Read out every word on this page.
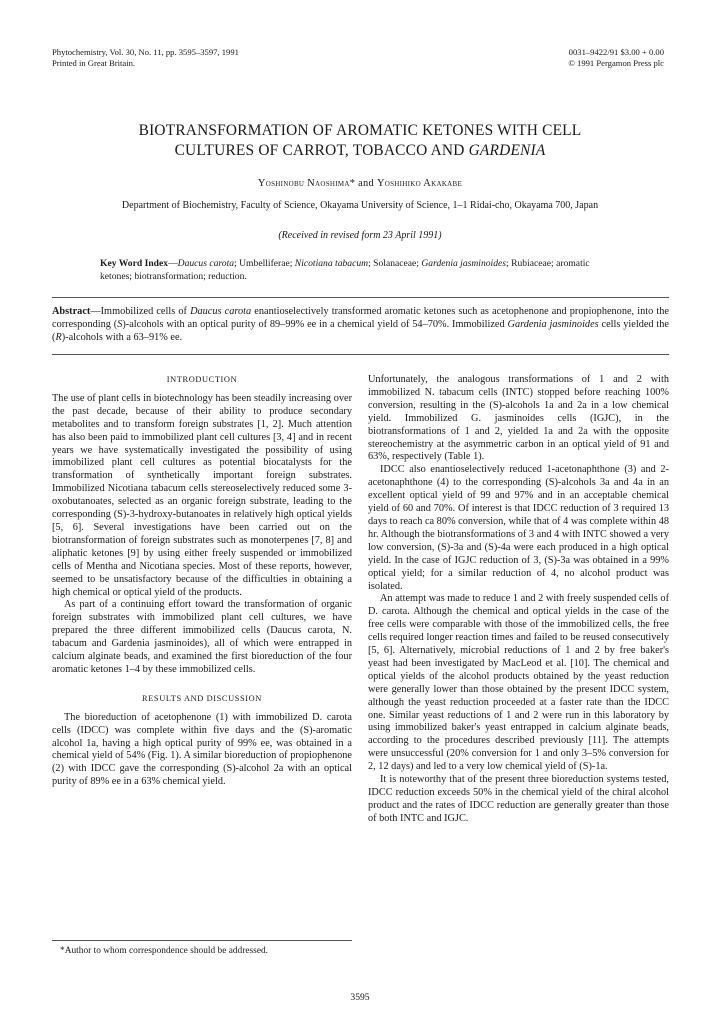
Phytochemistry, Vol. 30, No. 11, pp. 3595–3597, 1991
Printed in Great Britain.
0031–9422/91 $3.00 + 0.00
© 1991 Pergamon Press plc
BIOTRANSFORMATION OF AROMATIC KETONES WITH CELL
CULTURES OF CARROT, TOBACCO AND GARDENIA
Yoshinobu Naoshima* and Yoshihiko Akakabe
Department of Biochemistry, Faculty of Science, Okayama University of Science, 1–1 Ridai-cho, Okayama 700, Japan
(Received in revised form 23 April 1991)
Key Word Index—Daucus carota; Umbelliferae; Nicotiana tabacum; Solanaceae; Gardenia jasminoides; Rubiaceae; aromatic ketones; biotransformation; reduction.
Abstract—Immobilized cells of Daucus carota enantioselectively transformed aromatic ketones such as acetophenone and propiophenone, into the corresponding (S)-alcohols with an optical purity of 89–99% ee in a chemical yield of 54–70%. Immobilized Gardenia jasminoides cells yielded the (R)-alcohols with a 63–91% ee.
INTRODUCTION

The use of plant cells in biotechnology has been steadily increasing over the past decade, because of their ability to produce secondary metabolites and to transform foreign substrates [1, 2]. Much attention has also been paid to immobilized plant cell cultures [3, 4] and in recent years we have systematically investigated the possibility of using immobilized plant cell cultures as potential biocatalysts for the transformation of synthetically important foreign substrates. Immobilized Nicotiana tabacum cells stereoselectively reduced some 3-oxobutanoates, selected as an organic foreign substrate, leading to the corresponding (S)-3-hydroxy-butanoates in relatively high optical yields [5, 6]. Several investigations have been carried out on the biotransformation of foreign substrates such as monoterpenes [7, 8] and aliphatic ketones [9] by using either freely suspended or immobilized cells of Mentha and Nicotiana species. Most of these reports, however, seemed to be unsatisfactory because of the difficulties in obtaining a high chemical or optical yield of the products.

As part of a continuing effort toward the transformation of organic foreign substrates with immobilized plant cell cultures, we have prepared the three different immobilized cells (Daucus carota, N. tabacum and Gardenia jasminoides), all of which were entrapped in calcium alginate beads, and examined the first bioreduction of the four aromatic ketones 1–4 by these immobilized cells.

RESULTS AND DISCUSSION

The bioreduction of acetophenone (1) with immobilized D. carota cells (IDCC) was complete within five days and the (S)-aromatic alcohol 1a, having a high optical purity of 99% ee, was obtained in a chemical yield of 54% (Fig. 1). A similar bioreduction of propiophenone (2) with IDCC gave the corresponding (S)-alcohol 2a with an optical purity of 89% ee in a 63% chemical yield.

Unfortunately, the analogous transformations of 1 and 2 with immobilized N. tabacum cells (INTC) stopped before reaching 100% conversion, resulting in the (S)-alcohols 1a and 2a in a low chemical yield. Immobilized G. jasminoides cells (IGJC), in the biotransformations of 1 and 2, yielded 1a and 2a with the opposite stereochemistry at the asymmetric carbon in an optical yield of 91 and 63%, respectively (Table 1).

IDCC also enantioselectively reduced 1-acetonaphthone (3) and 2-acetonaphthone (4) to the corresponding (S)-alcohols 3a and 4a in an excellent optical yield of 99 and 97% and in an acceptable chemical yield of 60 and 70%. Of interest is that IDCC reduction of 3 required 13 days to reach ca 80% conversion, while that of 4 was complete within 48 hr. Although the biotransformations of 3 and 4 with INTC showed a very low conversion, (S)-3a and (S)-4a were each produced in a high optical yield. In the case of IGJC reduction of 3, (S)-3a was obtained in a 99% optical yield; for a similar reduction of 4, no alcohol product was isolated.

An attempt was made to reduce 1 and 2 with freely suspended cells of D. carota. Although the chemical and optical yields in the case of the free cells were comparable with those of the immobilized cells, the free cells required longer reaction times and failed to be reused consecutively [5, 6]. Alternatively, microbial reductions of 1 and 2 by free baker's yeast had been investigated by MacLeod et al. [10]. The chemical and optical yields of the alcohol products obtained by the yeast reduction were generally lower than those obtained by the present IDCC system, although the yeast reduction proceeded at a faster rate than the IDCC one. Similar yeast reductions of 1 and 2 were run in this laboratory by using immobilized baker's yeast entrapped in calcium alginate beads, according to the procedures described previously [11]. The attempts were unsuccessful (20% conversion for 1 and only 3–5% conversion for 2, 12 days) and led to a very low chemical yield of (S)-1a.

It is noteworthy that of the present three bioreduction systems tested, IDCC reduction exceeds 50% in the chemical yield of the chiral alcohol product and the rates of IDCC reduction are generally greater than those of both INTC and IGJC.

*Author to whom correspondence should be addressed.
3595
